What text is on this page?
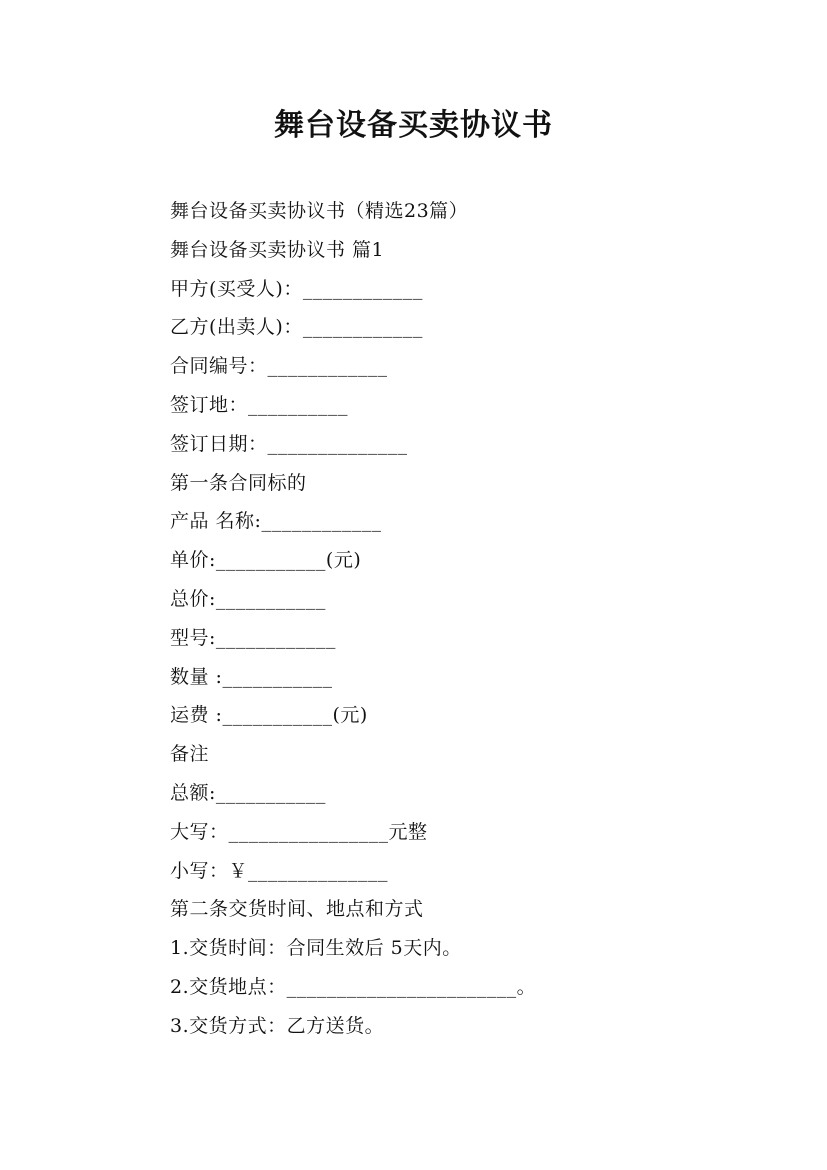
舞台设备买卖协议书
舞台设备买卖协议书（精选23篇）
舞台设备买卖协议书 篇1
甲方(买受人)：____________
乙方(出卖人)：____________
合同编号：____________
签订地：__________
签订日期：______________
第一条合同标的
产品 名称:____________
单价:___________(元)
总价:___________
型号:____________
数量 :___________
运费 :___________(元)
备注
总额:___________
大写：________________元整
小写：￥______________
第二条交货时间、地点和方式
1.交货时间：合同生效后 5天内。
2.交货地点：_______________________。
3.交货方式：乙方送货。
